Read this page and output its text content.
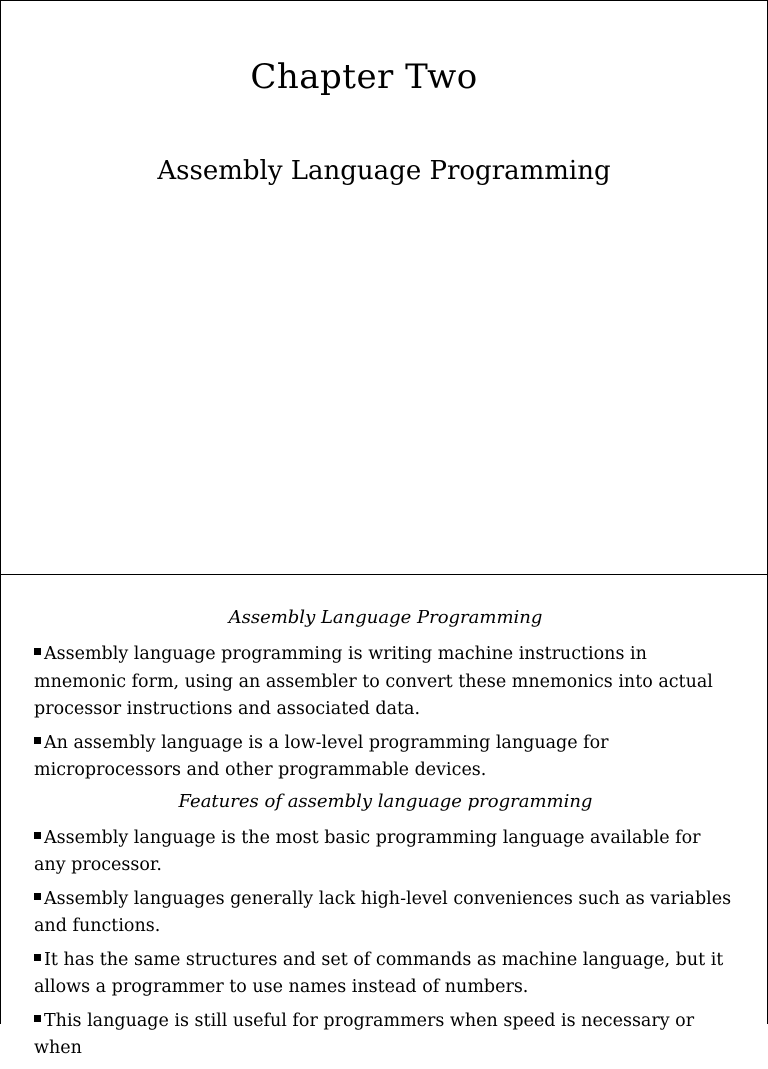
Chapter Two
Assembly Language Programming

Assembly Language Programming

Assembly language programming is writing machine instructions in mnemonic form, using an assembler to convert these mnemonics into actual processor instructions and associated data.

An assembly language is a low-level programming language for microprocessors and other programmable devices.

Features of assembly language programming

Assembly language is the most basic programming language available for any processor.

Assembly languages generally lack high-level conveniences such as variables and functions.

It has the same structures and set of commands as machine language, but it allows a programmer to use names instead of numbers.

This language is still useful for programmers when speed is necessary or when
